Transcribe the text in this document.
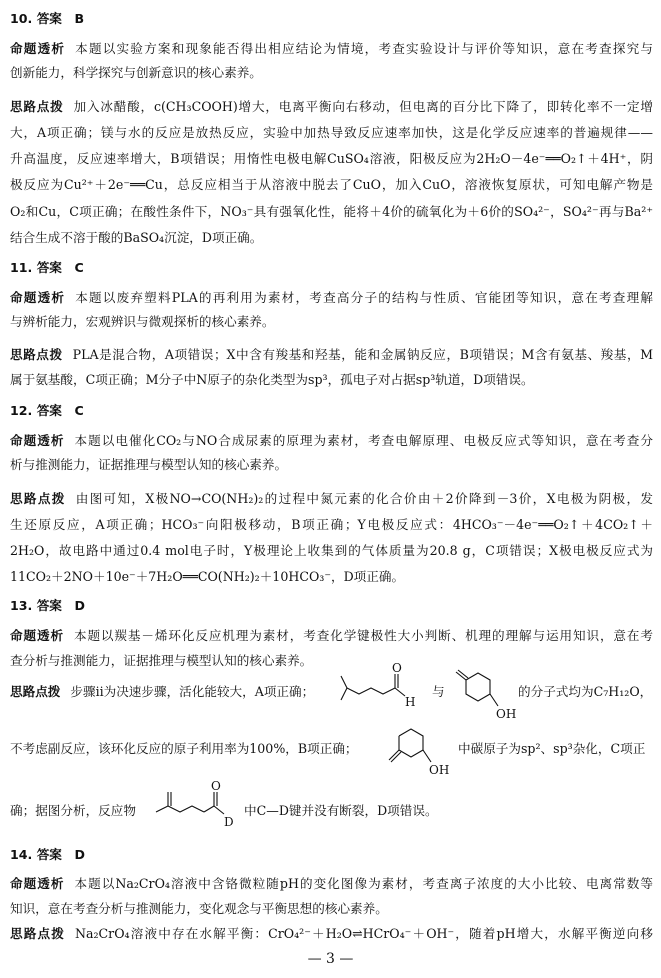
10. 答案　B
命题透析 本题以实验方案和现象能否得出相应结论为情境，考查实验设计与评价等知识，意在考查探究与
创新能力，科学探究与创新意识的核心素养。
思路点拨 加入冰醋酸，c(CH₃COOH)增大，电离平衡向右移动，但电离的百分比下降了，即转化率不一定增
大，A项正确；镁与水的反应是放热反应，实验中加热导致反应速率加快，这是化学反应速率的普遍规律——
升高温度，反应速率增大，B项错误；用惰性电极电解CuSO₄溶液，阳极反应为2H₂O－4e⁻══O₂↑＋4H⁺，阴
极反应为Cu²⁺＋2e⁻══Cu，总反应相当于从溶液中脱去了CuO，加入CuO，溶液恢复原状，可知电解产物是
O₂和Cu，C项正确；在酸性条件下，NO₃⁻具有强氧化性，能将＋4价的硫氧化为＋6价的SO₄²⁻，SO₄²⁻再与Ba²⁺
结合生成不溶于酸的BaSO₄沉淀，D项正确。
11. 答案　C
命题透析 本题以废弃塑料PLA的再利用为素材，考查高分子的结构与性质、官能团等知识，意在考查理解
与辨析能力，宏观辨识与微观探析的核心素养。
思路点拨 PLA是混合物，A项错误；X中含有羧基和羟基，能和金属钠反应，B项错误；M含有氨基、羧基，M
属于氨基酸，C项正确；M分子中N原子的杂化类型为sp³，孤电子对占据sp³轨道，D项错误。
12. 答案　C
命题透析 本题以电催化CO₂与NO合成尿素的原理为素材，考查电解原理、电极反应式等知识，意在考查分
析与推测能力，证据推理与模型认知的核心素养。
思路点拨 由图可知，X极NO→CO(NH₂)₂的过程中氮元素的化合价由＋2价降到－3价，X电极为阴极，发
生还原反应，A项正确；HCO₃⁻向阳极移动，B项正确；Y电极反应式：4HCO₃⁻－4e⁻══O₂↑＋4CO₂↑＋
2H₂O，故电路中通过0.4 mol电子时，Y极理论上收集到的气体质量为20.8 g，C项错误；X极电极反应式为
11CO₂＋2NO＋10e⁻＋7H₂O══CO(NH₂)₂＋10HCO₃⁻，D项正确。
13. 答案　D
命题透析 本题以羰基－烯环化反应机理为素材，考查化学键极性大小判断、机理的理解与运用知识，意在考
查分析与推测能力，证据推理与模型认知的核心素养。
思路点拨 步骤ⅱ为决速步骤，活化能较大，A项正确；
O
H
与
OH
的分子式均为C₇H₁₂O，
不考虑副反应，该环化反应的原子利用率为100%，B项正确；
OH
中碳原子为sp²、sp³杂化，C项正
确；据图分析，反应物
O
D
中C—D键并没有断裂，D项错误。
14. 答案　D
命题透析 本题以Na₂CrO₄溶液中含铬微粒随pH的变化图像为素材，考查离子浓度的大小比较、电离常数等
知识，意在考查分析与推测能力，变化观念与平衡思想的核心素养。
思路点拨 Na₂CrO₄溶液中存在水解平衡：CrO₄²⁻＋H₂O⇌HCrO₄⁻＋OH⁻，随着pH增大，水解平衡逆向移
— 3 —
